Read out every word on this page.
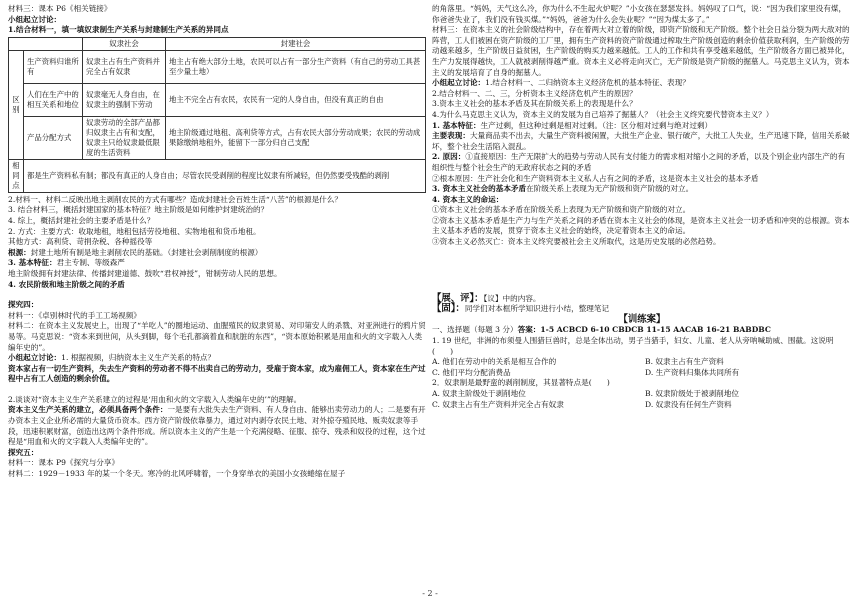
材料三：课本 P6《相关链接》

小组起立讨论：

1.结合材料一，填一填奴隶制生产关系与封建制生产关系的异同点

		奴隶社会	封建社会
区别	生产资料归谁所有	奴隶主占有生产资料并完全占有奴隶	地主占有绝大部分土地，农民可以占有一部分生产资料（有自己的劳动工具甚至少量土地）
	人们在生产中的相互关系和地位	奴隶毫无人身自由，在奴隶主的强制下劳动	地主不完全占有农民，农民有一定的人身自由，但没有真正的自由
	产品分配方式	奴隶劳动的全部产品都归奴隶主占有和支配，奴隶主只给奴隶最低限度的生活资料	地主阶级通过地租、高利贷等方式，占有农民大部分劳动成果；农民的劳动成果除缴纳地租外，能留下一部分归自己支配
相同点	都是生产资料私有制；都没有真正的人身自由；尽管农民受剥削的程度比奴隶有所减轻，但仍然要受残酷的剥削		

2.材料一、材料二反映出地主剥削农民的方式有哪些？造成封建社会百姓生活“八苦”的根源是什么？

3. 结合材料三，概括封建国家的基本特征？地主阶级是如何维护封建统治的？

4. 综上，概括封建社会的主要矛盾是什么？

2. 方式：主要方式：收取地租，地租包括劳役地租、实物地租和货币地租。

其他方式：高利贷、苛捐杂税、各种摇役等

根源：封建土地所有制是地主剥削农民的基础。（封建社会剥削制度的根源）

3. 基本特征：君主专制、等级森严

地主阶级拥有封建法律、传播封建道德、鼓吹“君权神授”，钳制劳动人民的思想。

4. 农民阶级和地主阶级之间的矛盾

探究四：

材料一：《卓别林时代的手工工场视频》

材料二：在资本主义发展史上，出现了“羊吃人”的圈地运动、血腥殖民的奴隶贸易、对印第安人的杀戮、对亚洲进行的鸦片贸易等。马克思说：“资本来到世间，从头到脚，每个毛孔都滴着血和肮脏的东西”，“资本原始积累是用血和火的文字载入人类编年史的”。

小组起立讨论：1. 根据视频，归纳资本主义生产关系的特点？

资本家占有一切生产资料，失去生产资料的劳动者不得不出卖自己的劳动力，受雇于资本家，成为雇佣工人，资本家在生产过程中占有工人创造的剩余价值。

2.谈谈对“资本主义生产关系建立的过程是‘用血和火的文字载入人类编年史的’”的理解。

资本主义生产关系的建立，必须具备两个条件：一是要有大批失去生产资料、有人身自由、能够出卖劳动力的人；二是要有开办资本主义企业所必需的大量货币资本。西方资产阶级依靠暴力，通过对内剥夺农民土地、对外掠夺殖民地、贩卖奴隶等手段，迅速积累财富，创造出这两个条件形成。所以资本主义的产生是一个充满侵略、征服、掠夺、残杀和奴役的过程，这个过程是“用血和火的文字载入人类编年史的”。

探究五：

材料一：课本 P9《探究与分享》

材料二：1929－1933 年的某一个冬天。寒冷的北风呼啸着，一个身穿单衣的美国小女孩蜷缩在屋子

的角落里。“妈妈，天气这么冷，你为什么不生起火炉呢？”小女孩在瑟瑟发抖。妈妈叹了口气，说：“因为我们家里没有煤，你爸爸失业了，我们没有钱买煤。”“妈妈，爸爸为什么会失业呢？”“因为煤太多了。”

材料三：在资本主义的社会阶级结构中，存在着两大对立着的阶级，即资产阶级和无产阶级。整个社会日益分裂为两大敌对的阵营，工人们被困在资产阶级的工厂里，拥有生产资料的资产阶级通过榨取生产阶级创造的剩余价值获取利润，生产阶级的劳动越来越多，生产阶级日益贫困，生产阶级的购买力越来越低。工人的工作和共有享受越来越低，生产阶级各方面已被异化，生产力发展得越快，工人就被剥削得越严重。资本主义必将走向灭亡，无产阶级是资产阶级的掘墓人。马克思主义认为，资本主义的发展培育了自身的掘墓人。

小组起立讨论：1.结合材料一、二归纳资本主义经济危机的基本特征、表现？

2.结合材料一、二、三，分析资本主义经济危机产生的原因？

3.资本主义社会的基本矛盾及其在阶级关系上的表现是什么？

4.为什么马克思主义认为，资本主义的发展为自己培养了掘墓人？（社会主义终究要代替资本主义？）

1. 基本特征：生产过剩，但这种过剩是相对过剩。（注：区分相对过剩与绝对过剩）

主要表现：大量商品卖不出去，大量生产资料被闲置，大批生产企业、银行破产，大批工人失业，生产迅速下降，信用关系破坏，整个社会生活陷入混乱。

2. 原因：①直接原因：生产无限扩大的趋势与劳动人民有支付能力的需求相对缩小之间的矛盾，以及个别企业内部生产的有组织性与整个社会生产的无政府状态之间的矛盾

②根本原因：生产社会化和生产资料资本主义私人占有之间的矛盾，这是资本主义社会的基本矛盾

3. 资本主义社会的基本矛盾在阶级关系上表现为无产阶级和资产阶级的对立。

4. 资本主义的命运：

①资本主义社会的基本矛盾在阶级关系上表现为无产阶级和资产阶级的对立。

②资本主义基本矛盾是生产力与生产关系之间的矛盾在资本主义社会的体现，是资本主义社会一切矛盾和冲突的总根源。资本主义基本矛盾的发展，贯穿于资本主义社会的始终，决定着资本主义的命运。

③资本主义必然灭亡：资本主义终究要被社会主义所取代，这是历史发展的必然趋势。

【展、评】：【议】中的内容。

【固】：同学们对本框所学知识进行小结，整理笔记

【训练案】

一、选择题（每题 3 分）答案：1-5 ACBCD 6-10 CBDCB 11-15 AACAB 16-21 BABDBC

1. 19 世纪，非洲的布须曼人围猎巨兽时，总是全体出动，男子当猎手，妇女、儿童、老人从旁呐喊助威、围截。这说明(　　)

A. 他们在劳动中的关系是相互合作的	B. 奴隶主占有生产资料
C. 他们平均分配消费品	D. 生产资料归集体共同所有

2．奴隶制是最野蛮的剥削制度，其显著特点是(　　)

A. 奴隶主阶级处于剥削地位	B. 奴隶阶级处于被剥削地位
C. 奴隶主占有生产资料并完全占有奴隶	D. 奴隶没有任何生产资料
- 2 -
